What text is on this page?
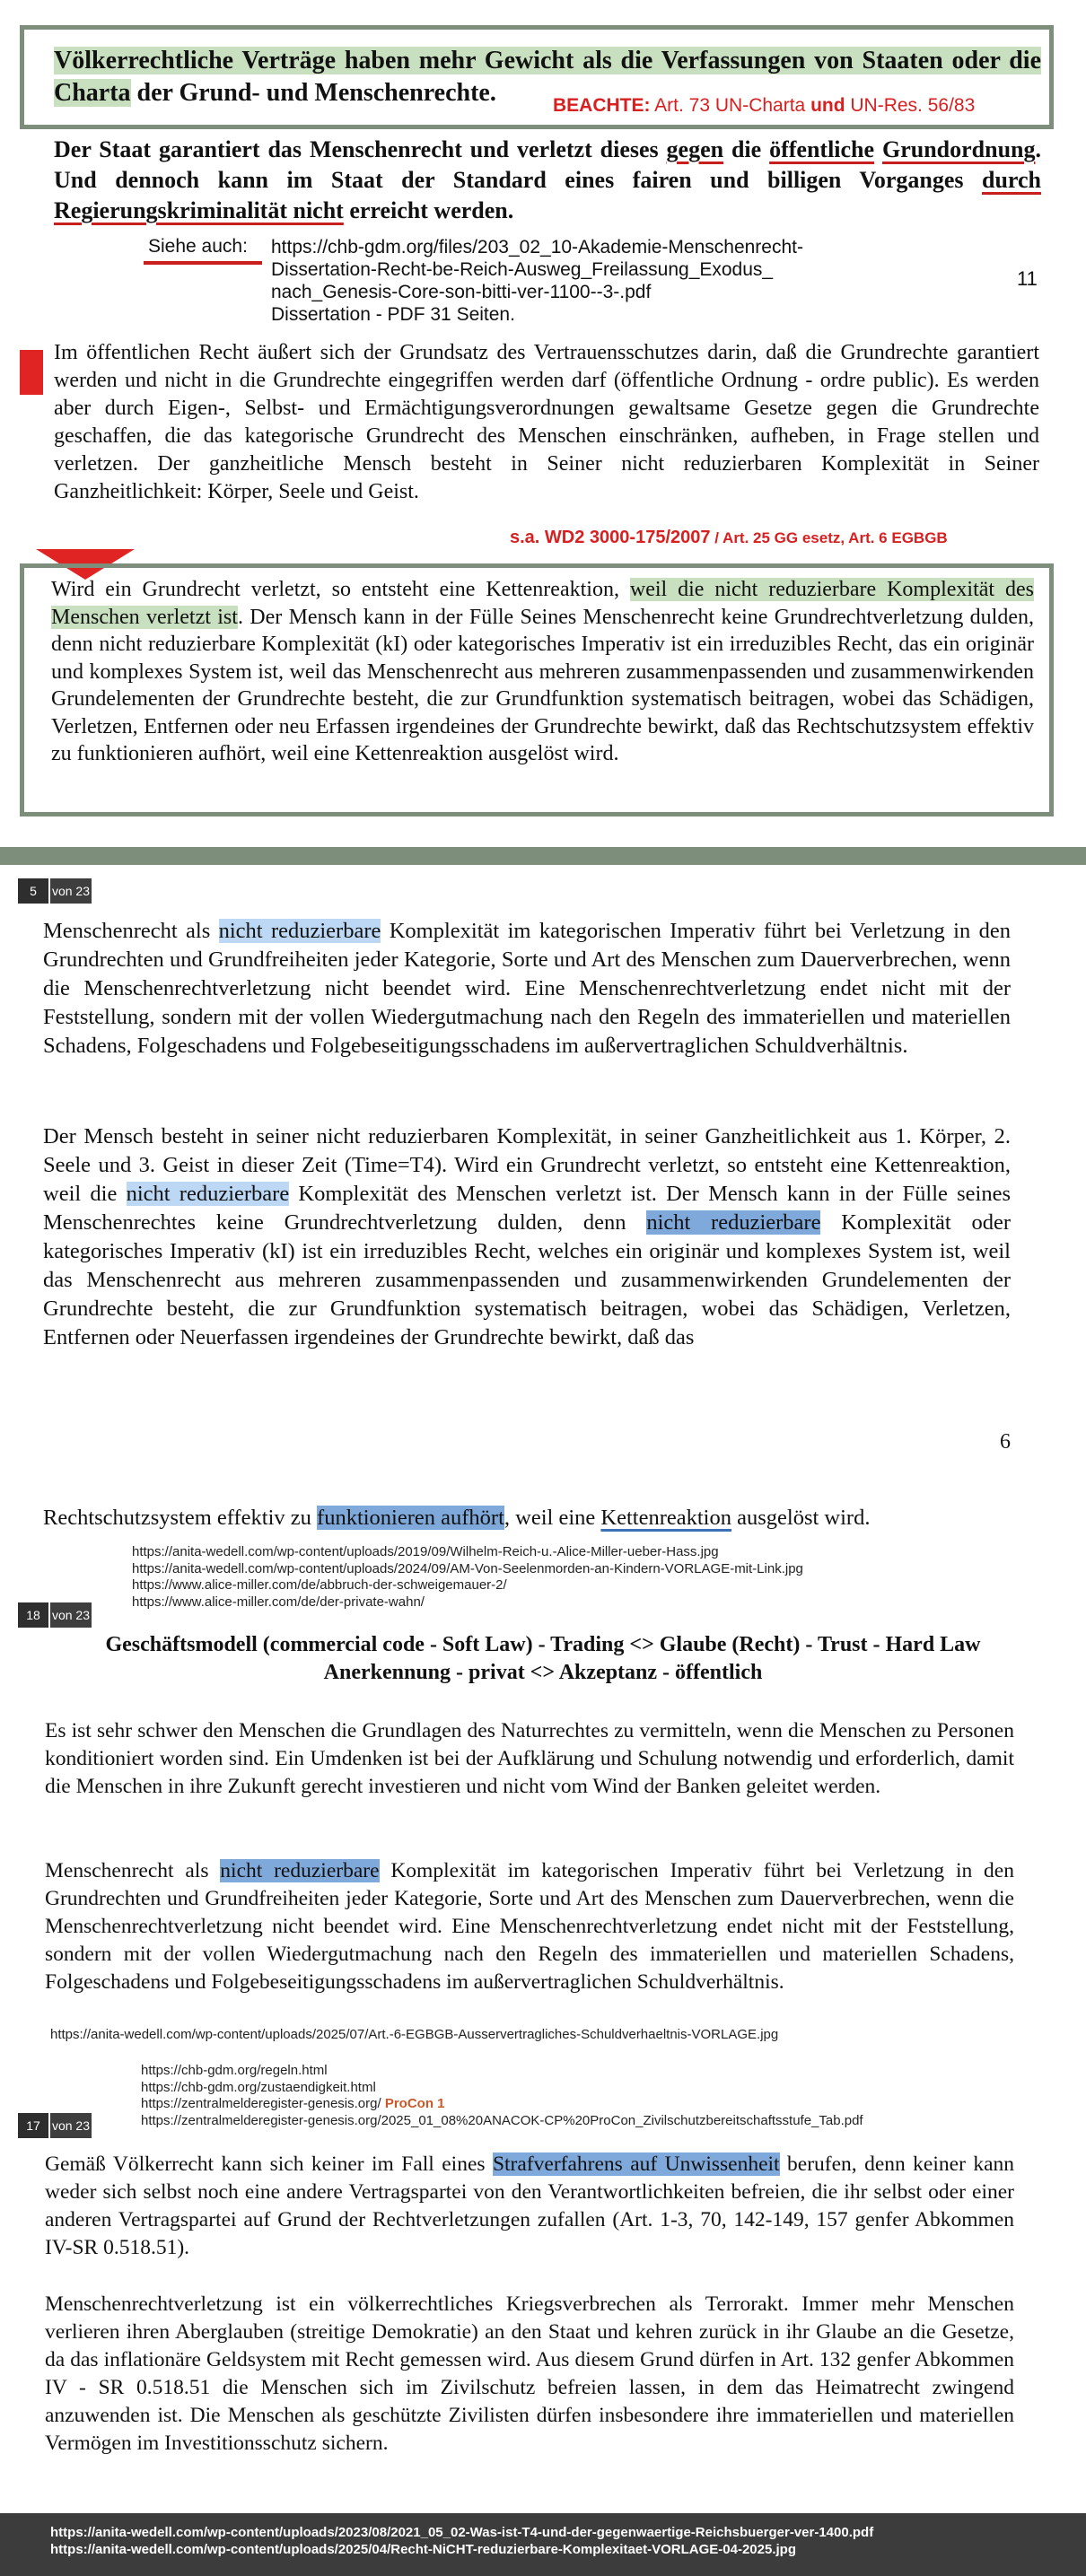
Völkerrechtliche Verträge haben mehr Gewicht als die Verfassungen von Staaten oder die Charta der Grund- und Menschenrechte.	BEACHTE: Art. 73 UN-Charta und UN-Res. 56/83
Der Staat garantiert das Menschenrecht und verletzt dieses gegen die öffentliche Grundordnung. Und dennoch kann im Staat der Standard eines fairen und billigen Vorganges durch Regierungskriminalität nicht erreicht werden.
Siehe auch: https://chb-gdm.org/files/203_02_10-Akademie-Menschenrecht-
Dissertation-Recht-be-Reich-Ausweg_Freilassung_Exodus_
nach_Genesis-Core-son-bitti-ver-1100--3-.pdf
Dissertation - PDF 31 Seiten.
11
Im öffentlichen Recht äußert sich der Grundsatz des Vertrauensschutzes darin, daß die Grundrechte garantiert werden und nicht in die Grundrechte eingegriffen werden darf (öffentliche Ordnung - ordre public). Es werden aber durch Eigen-, Selbst- und Ermächtigungsverordnungen gewaltsame Gesetze gegen die Grundrechte geschaffen, die das kategorische Grundrecht des Menschen einschränken, aufheben, in Frage stellen und verletzen. Der ganzheitliche Mensch besteht in Seiner nicht reduzierbaren Komplexität in Seiner Ganzheitlichkeit: Körper, Seele und Geist.
s.a. WD2 3000-175/2007 / Art. 25 GG esetz, Art. 6 EGBGB
Wird ein Grundrecht verletzt, so entsteht eine Kettenreaktion, weil die nicht reduzierbare Komplexität des Menschen verletzt ist. Der Mensch kann in der Fülle Seines Menschenrecht keine Grundrechtverletzung dulden, denn nicht reduzierbare Komplexität (kI) oder kategorisches Imperativ ist ein irreduzibles Recht, das ein originär und komplexes System ist, weil das Menschenrecht aus mehreren zusammenpassenden und zusammenwirkenden Grundelementen der Grundrechte besteht, die zur Grundfunktion systematisch beitragen, wobei das Schädigen, Verletzen, Entfernen oder neu Erfassen irgendeines der Grundrechte bewirkt, daß das Rechtschutzsystem effektiv zu funktionieren aufhört, weil eine Kettenreaktion ausgelöst wird.
5	von 23
Menschenrecht als nicht reduzierbare Komplexität im kategorischen Imperativ führt bei Verletzung in den Grundrechten und Grundfreiheiten jeder Kategorie, Sorte und Art des Menschen zum Dauerverbrechen, wenn die Menschenrechtverletzung nicht beendet wird. Eine Menschenrechtverletzung endet nicht mit der Feststellung, sondern mit der vollen Wiedergutmachung nach den Regeln des immateriellen und materiellen Schadens, Folgeschadens und Folgebeseitigungsschadens im außervertraglichen Schuldverhältnis.
Der Mensch besteht in seiner nicht reduzierbaren Komplexität, in seiner Ganzheitlichkeit aus 1. Körper, 2. Seele und 3. Geist in dieser Zeit (Time=T4). Wird ein Grundrecht verletzt, so entsteht eine Kettenreaktion, weil die nicht reduzierbare Komplexität des Menschen verletzt ist. Der Mensch kann in der Fülle seines Menschenrechtes keine Grundrechtverletzung dulden, denn nicht reduzierbare Komplexität oder kategorisches Imperativ (kI) ist ein irreduzibles Recht, welches ein originär und komplexes System ist, weil das Menschenrecht aus mehreren zusammenpassenden und zusammenwirkenden Grundelementen der Grundrechte besteht, die zur Grundfunktion systematisch beitragen, wobei das Schädigen, Verletzen, Entfernen oder Neuerfassen irgendeines der Grundrechte bewirkt, daß das
6
Rechtschutzsystem effektiv zu funktionieren aufhört, weil eine Kettenreaktion ausgelöst wird.
https://anita-wedell.com/wp-content/uploads/2019/09/Wilhelm-Reich-u.-Alice-Miller-ueber-Hass.jpg
https://anita-wedell.com/wp-content/uploads/2024/09/AM-Von-Seelenmorden-an-Kindern-VORLAGE-mit-Link.jpg
https://www.alice-miller.com/de/abbruch-der-schweigemauer-2/
https://www.alice-miller.com/de/der-private-wahn/
18 von 23
Geschäftsmodell (commercial code - Soft Law) - Trading <> Glaube (Recht) - Trust - Hard Law
Anerkennung - privat <> Akzeptanz - öffentlich
Es ist sehr schwer den Menschen die Grundlagen des Naturrechtes zu vermitteln, wenn die Menschen zu Personen konditioniert worden sind. Ein Umdenken ist bei der Aufklärung und Schulung notwendig und erforderlich, damit die Menschen in ihre Zukunft gerecht investieren und nicht vom Wind der Banken geleitet werden.
Menschenrecht als nicht reduzierbare Komplexität im kategorischen Imperativ führt bei Verletzung in den Grundrechten und Grundfreiheiten jeder Kategorie, Sorte und Art des Menschen zum Dauerverbrechen, wenn die Menschenrechtverletzung nicht beendet wird. Eine Menschenrechtverletzung endet nicht mit der Feststellung, sondern mit der vollen Wiedergutmachung nach den Regeln des immateriellen und materiellen Schadens, Folgeschadens und Folgebeseitigungsschadens im außervertraglichen Schuldverhältnis.
https://anita-wedell.com/wp-content/uploads/2025/07/Art.-6-EGBGB-Ausservertragliches-Schuldverhaeltnis-VORLAGE.jpg
https://chb-gdm.org/regeln.html
https://chb-gdm.org/zustaendigkeit.html
https://zentralmelderegister-genesis.org/ ProCon 1
https://zentralmelderegister-genesis.org/2025_01_08%20ANACOK-CP%20ProCon_Zivilschutzbereitschaftsstufe_Tab.pdf
17 von 23
Gemäß Völkerrecht kann sich keiner im Fall eines Strafverfahrens auf Unwissenheit berufen, denn keiner kann weder sich selbst noch eine andere Vertragspartei von den Verantwortlichkeiten befreien, die ihr selbst oder einer anderen Vertragspartei auf Grund der Rechtverletzungen zufallen (Art. 1-3, 70, 142-149, 157 genfer Abkommen IV-SR 0.518.51).
Menschenrechtverletzung ist ein völkerrechtliches Kriegsverbrechen als Terrorakt. Immer mehr Menschen verlieren ihren Aberglauben (streitige Demokratie) an den Staat und kehren zurück in ihr Glaube an die Gesetze, da das inflationäre Geldsystem mit Recht gemessen wird. Aus diesem Grund dürfen in Art. 132 genfer Abkommen IV - SR 0.518.51 die Menschen sich im Zivilschutz befreien lassen, in dem das Heimatrecht zwingend anzuwenden ist. Die Menschen als geschützte Zivilisten dürfen insbesondere ihre immateriellen und materiellen Vermögen im Investitionsschutz sichern.
https://anita-wedell.com/wp-content/uploads/2023/08/2021_05_02-Was-ist-T4-und-der-gegenwaertige-Reichsbuerger-ver-1400.pdf
https://anita-wedell.com/wp-content/uploads/2025/04/Recht-NiCHT-reduzierbare-Komplexitaet-VORLAGE-04-2025.jpg
